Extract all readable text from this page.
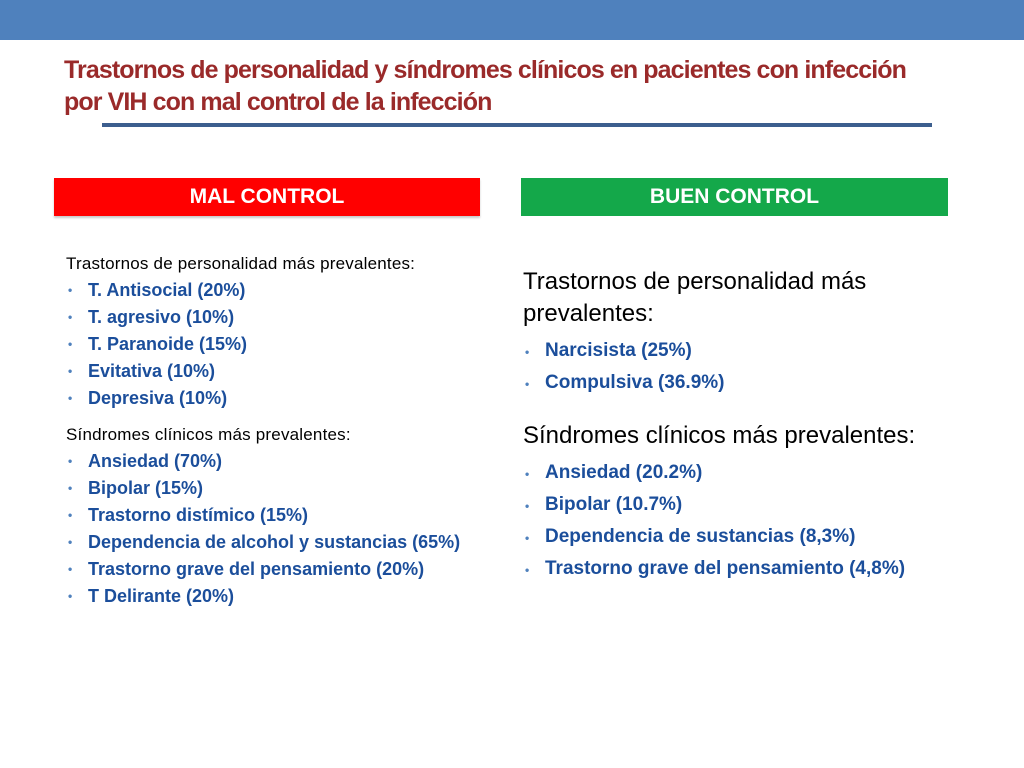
Trastornos de personalidad y síndromes clínicos en pacientes con infección por VIH con mal control de la infección
MAL CONTROL	BUEN CONTROL

Trastornos de personalidad más prevalentes:

• T. Antisocial (20%)
• T. agresivo (10%)
• T. Paranoide (15%)
• Evitativa (10%)
• Depresiva (10%)

Síndromes clínicos más prevalentes:

• Ansiedad (70%)
• Bipolar (15%)
• Trastorno distímico (15%)
• Dependencia de alcohol y sustancias (65%)
• Trastorno grave del pensamiento (20%)
• T Delirante (20%)

Trastornos de personalidad más prevalentes:

• Narcisista (25%)
• Compulsiva (36.9%)

Síndromes clínicos más prevalentes:

• Ansiedad (20.2%)
• Bipolar (10.7%)
• Dependencia de sustancias (8,3%)
• Trastorno grave del pensamiento (4,8%)
